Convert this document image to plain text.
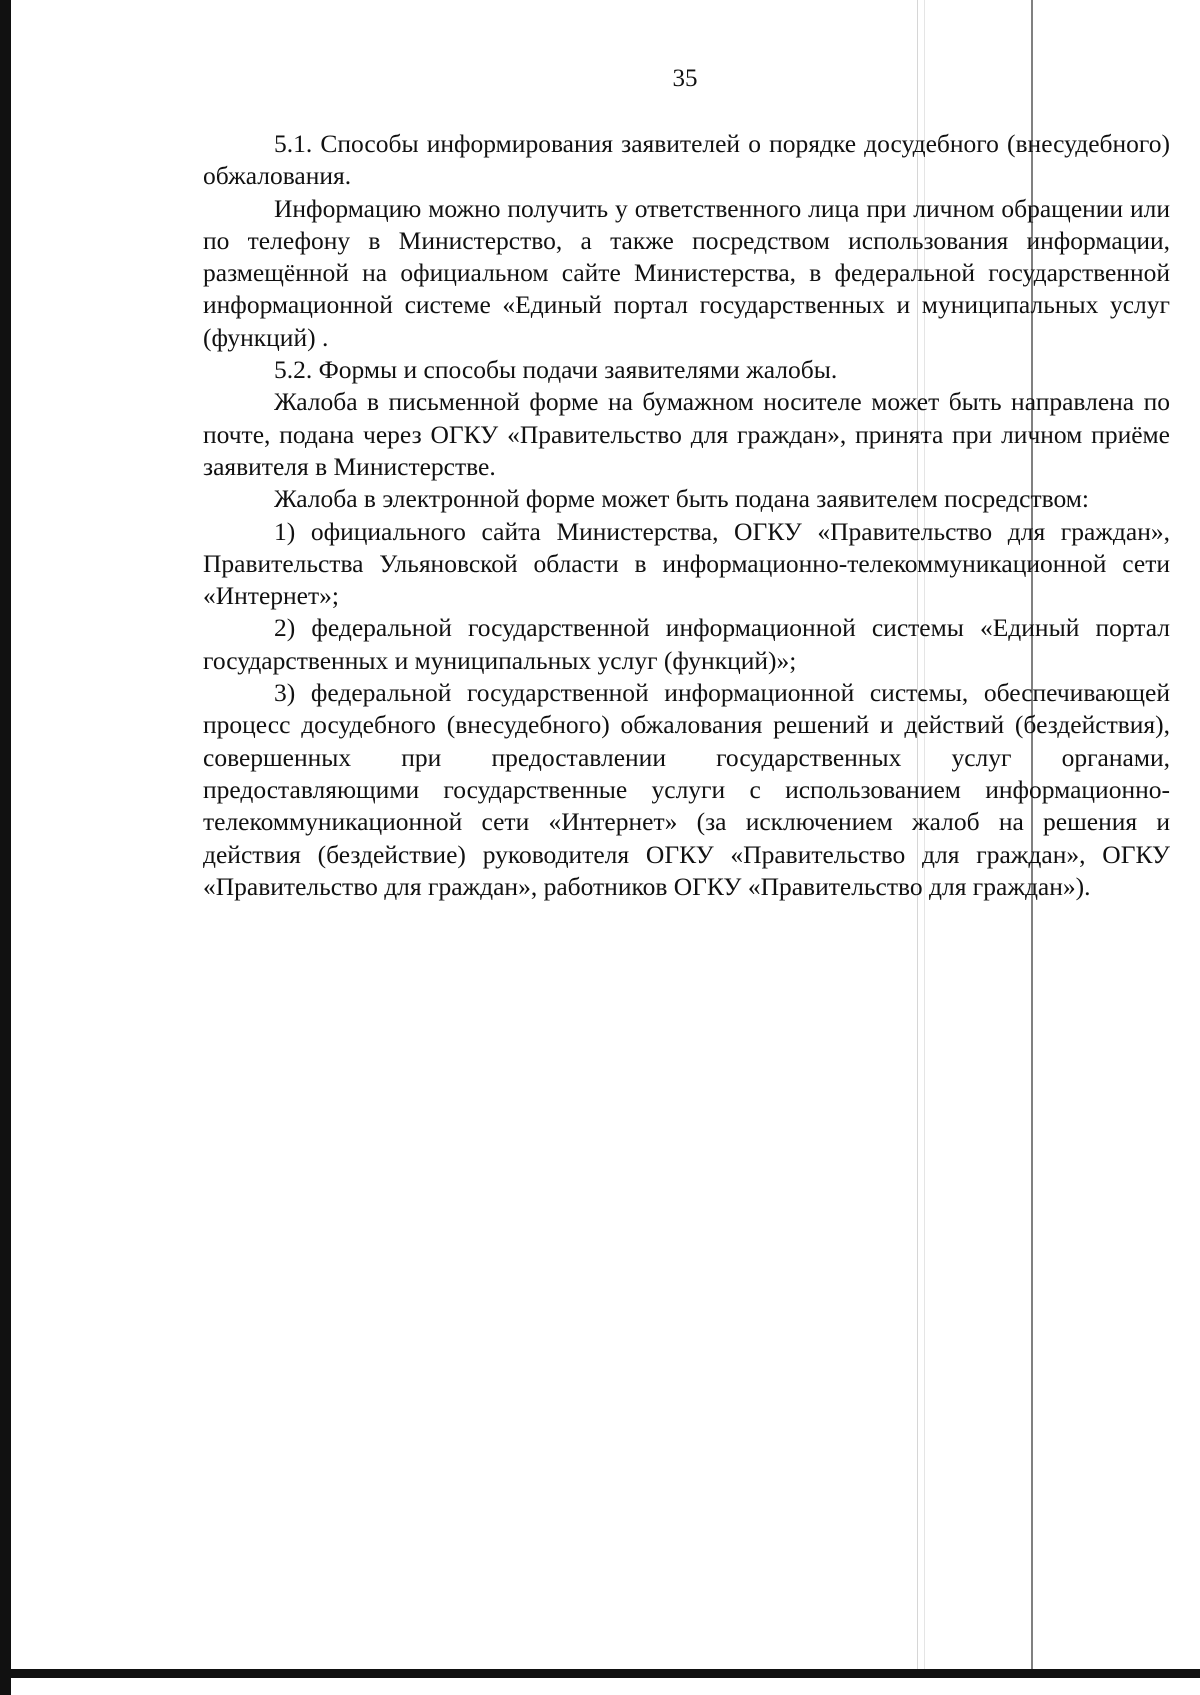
35

5.1. Способы информирования заявителей о порядке досудебного (внесудебного) обжалования.

Информацию можно получить у ответственного лица при личном обращении или по телефону в Министерство, а также посредством использования информации, размещённой на официальном сайте Министерства, в федеральной государственной информационной системе «Единый портал государственных и муниципальных услуг (функций) .

5.2. Формы и способы подачи заявителями жалобы.

Жалоба в письменной форме на бумажном носителе может быть направлена по почте, подана через ОГКУ «Правительство для граждан», принята при личном приёме заявителя в Министерстве.

Жалоба в электронной форме может быть подана заявителем посредством:

1) официального сайта Министерства, ОГКУ «Правительство для граждан», Правительства Ульяновской области в информационно-телекоммуникационной сети «Интернет»;

2) федеральной государственной информационной системы «Единый портал государственных и муниципальных услуг (функций)»;

3) федеральной государственной информационной системы, обеспечивающей процесс досудебного (внесудебного) обжалования решений и действий (бездействия), совершенных при предоставлении государственных услуг органами, предоставляющими государственные услуги с использованием информационно-телекоммуникационной сети «Интернет» (за исключением жалоб на решения и действия (бездействие) руководителя ОГКУ «Правительство для граждан», ОГКУ «Правительство для граждан», работников ОГКУ «Правительство для граждан»).
